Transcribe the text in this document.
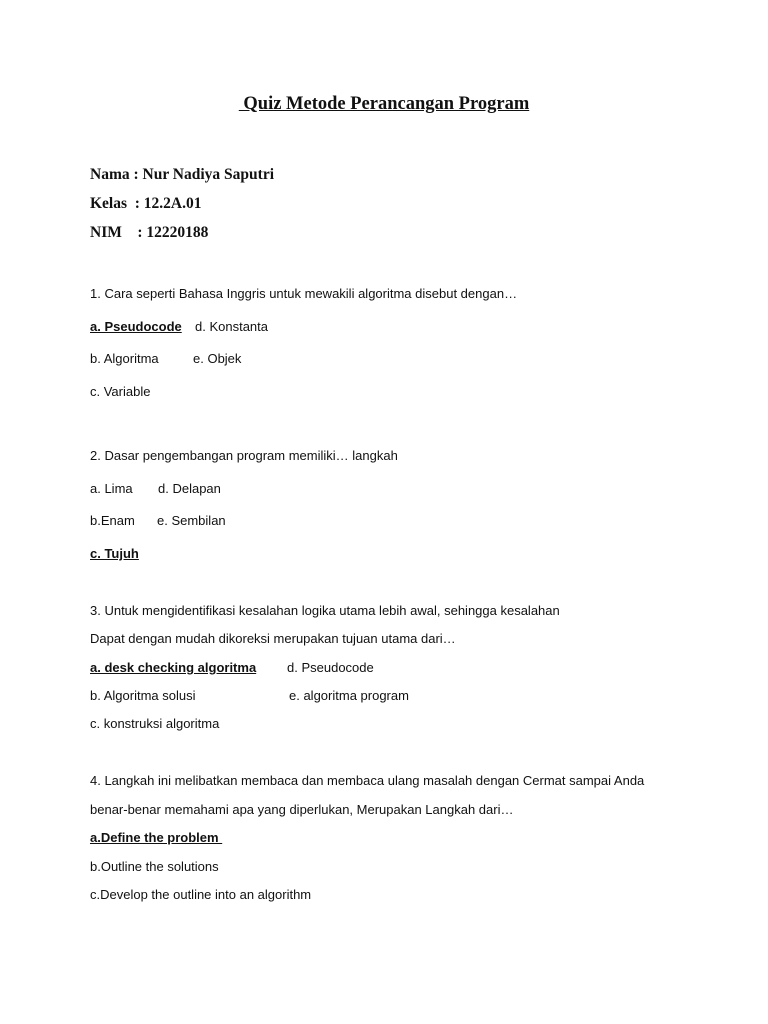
Quiz Metode Perancangan Program
Nama : Nur Nadiya Saputri
Kelas  : 12.2A.01
NIM    : 12220188
1. Cara seperti Bahasa Inggris untuk mewakili algoritma disebut dengan…
a. Pseudocode d. Konstanta
b. Algoritma	e. Objek
c. Variable
2. Dasar pengembangan program memiliki… langkah
a. Lima d. Delapan
b.Enam e. Sembilan
c. Tujuh
3. Untuk mengidentifikasi kesalahan logika utama lebih awal, sehingga kesalahan
Dapat dengan mudah dikoreksi merupakan tujuan utama dari…
a. desk checking algoritma d. Pseudocode
b. Algoritma solusi	e. algoritma program
c. konstruksi algoritma
4. Langkah ini melibatkan membaca dan membaca ulang masalah dengan Cermat sampai Anda
benar-benar memahami apa yang diperlukan, Merupakan Langkah dari…
a.Define the problem
b.Outline the solutions
c.Develop the outline into an algorithm
